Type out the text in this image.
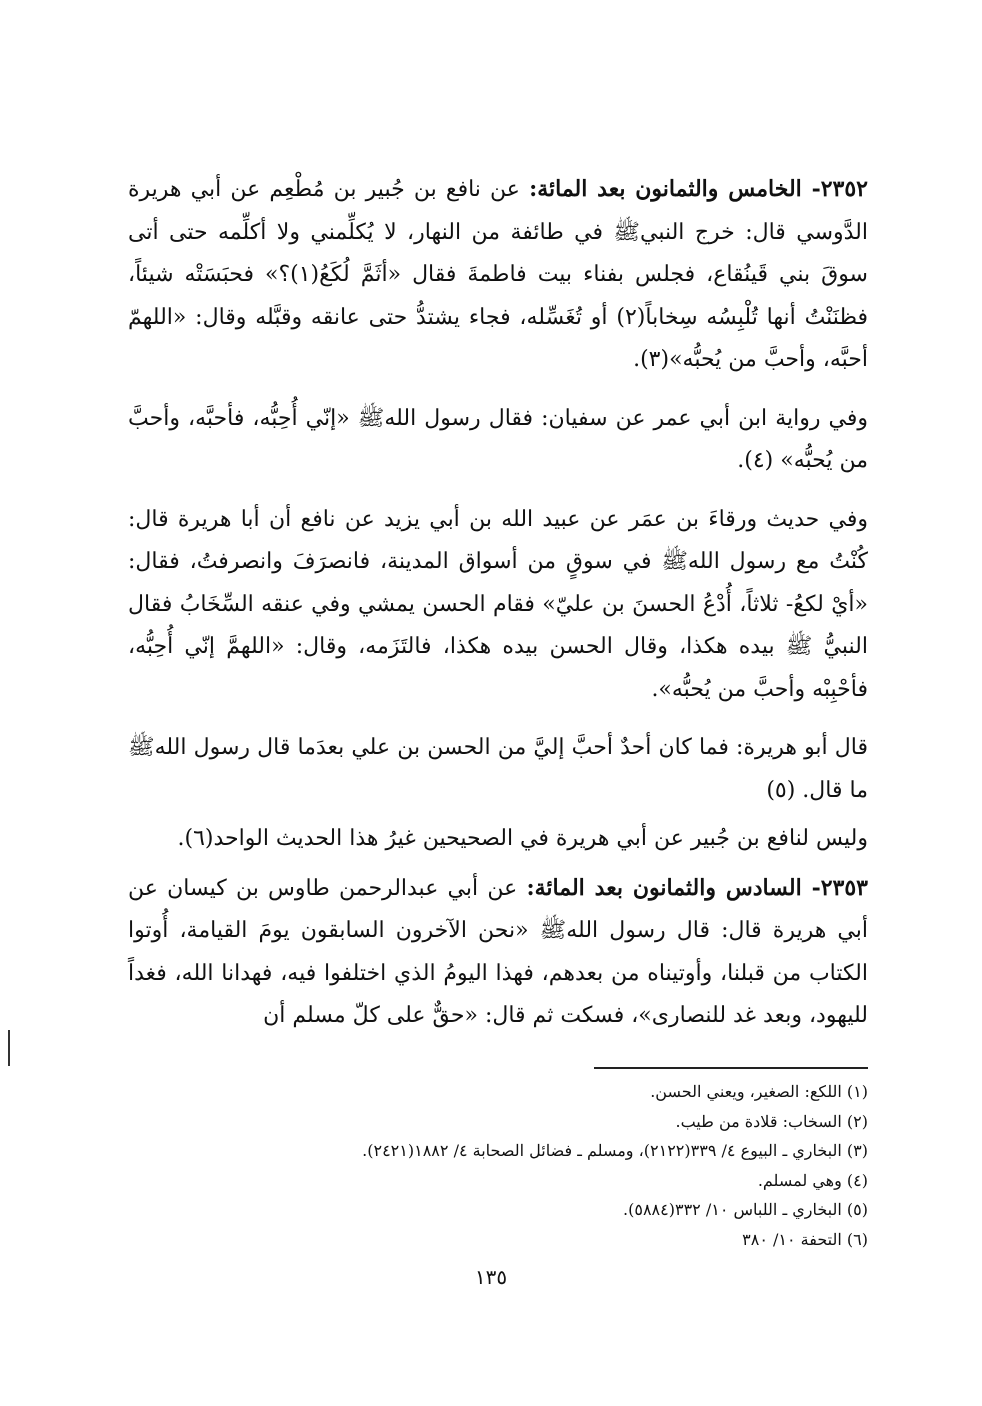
٢٣٥٢- الخامس والثمانون بعد المائة: عن نافع بن جُبير بن مُطْعِم عن أبي هريرة الدَّوسي قال: خرج النبيﷺ في طائفة من النهار، لا يُكلِّمني ولا أكلِّمه حتى أتى سوقَ بني قَينُقاع، فجلس بفناء بيت فاطمةَ فقال «أثَمَّ لُكَعُ(١)؟» فحبَسَتْه شيئاً، فظنَنْتُ أنها تُلْبِسُه سِخاباً(٢) أو تُغَسِّله، فجاء يشتدُّ حتى عانقه وقبَّله وقال: «اللهمّ أحبَّه، وأحبَّ من يُحبُّه»(٣).

وفي رواية ابن أبي عمر عن سفيان: فقال رسول اللهﷺ «إنّي أُحِبُّه، فأحبَّه، وأحبَّ من يُحبُّه» (٤).

وفي حديث ورقاءَ بن عمَر عن عبيد الله بن أبي يزيد عن نافع أن أبا هريرة قال: كُنْتُ مع رسول اللهﷺ في سوقٍ من أسواق المدينة، فانصرَفَ وانصرفتُ، فقال: «أيْ لكعُ- ثلاثاً، أُدْعُ الحسنَ بن عليّ» فقام الحسن يمشي وفي عنقه السِّخَابُ فقال النبيُّ ﷺ بيده هكذا، وقال الحسن بيده هكذا، فالتَزَمه، وقال: «اللهمَّ إنّي أُحِبُّه، فأحْبِبْه وأحبَّ من يُحبُّه».

قال أبو هريرة: فما كان أحدٌ أحبَّ إليَّ من الحسن بن علي بعدَما قال رسول اللهﷺ ما قال. (٥)

وليس لنافع بن جُبير عن أبي هريرة في الصحيحين غيرُ هذا الحديث الواحد(٦).

٢٣٥٣- السادس والثمانون بعد المائة: عن أبي عبدالرحمن طاوس بن كيسان عن أبي هريرة قال: قال رسول اللهﷺ «نحن الآخرون السابقون يومَ القيامة، أُوتوا الكتاب من قبلنا، وأوتيناه من بعدهم، فهذا اليومُ الذي اختلفوا فيه، فهدانا الله، فغداً لليهود، وبعد غد للنصارى»، فسكت ثم قال: «حقٌّ على كلّ مسلم أن

(١) اللكع: الصغير، ويعني الحسن.
(٢) السخاب: قلادة من طيب.
(٣) البخاري ـ البيوع ٤/ ٣٣٩(٢١٢٢)، ومسلم ـ فضائل الصحابة ٤/ ١٨٨٢(٢٤٢١).
(٤) وهي لمسلم.
(٥) البخاري ـ اللباس ١٠/ ٣٣٢(٥٨٨٤).
(٦) التحفة ١٠/ ٣٨٠
١٣٥
